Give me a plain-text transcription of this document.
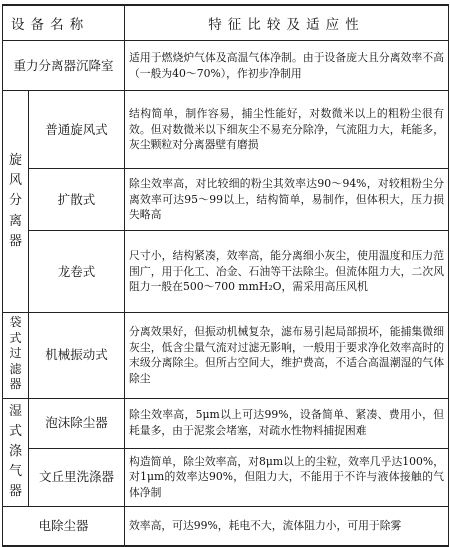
设备名称		特征比较及适应性
重力分离器沉降室		适用于燃烧炉气体及高温气体净制。由于设备庞大且分离效率不高（一般为40～70%），作初步净制用
旋风分离器	普通旋风式	结构简单，制作容易，捕尘性能好，对数微米以上的粗粉尘很有效。但对数微米以下细灰尘不易充分除净，气流阻力大，耗能多，灰尘颗粒对分离器壁有磨损
	扩散式	除尘效率高，对比较细的粉尘其效率达90～94%，对较粗粉尘分离效率可达95～99以上，结构简单，易制作，但体积大，压力损失略高
	龙卷式	尺寸小，结构紧凑，效率高，能分离细小灰尘，使用温度和压力范围广，用于化工、冶金、石油等干法除尘。但流体阻力大，二次风阻力一般在500～700 mmH₂O，需采用高压风机
袋式过滤器	机械振动式	分离效果好，但振动机械复杂，滤布易引起局部损坏，能捕集微细灰尘，低含尘量气流对过滤无影响，一般用于要求净化效率高时的末级分离除尘。但所占空间大，维护费高，不适合高温潮湿的气体除尘
湿式涤气器	泡沫除尘器	除尘效率高，5μm以上可达99%，设备简单、紧凑、费用小，但耗量多，由于泥浆会堵塞，对疏水性物料捕捉困难
	文丘里洗涤器	构造简单，除尘效率高，对8μm以上的尘粒，效率几乎达100%，对1μm的效率达90%，但阻力大，不能用于不许与液体接触的气体净制
电除尘器		效率高，可达99%，耗电不大，流体阻力小，可用于除雾
